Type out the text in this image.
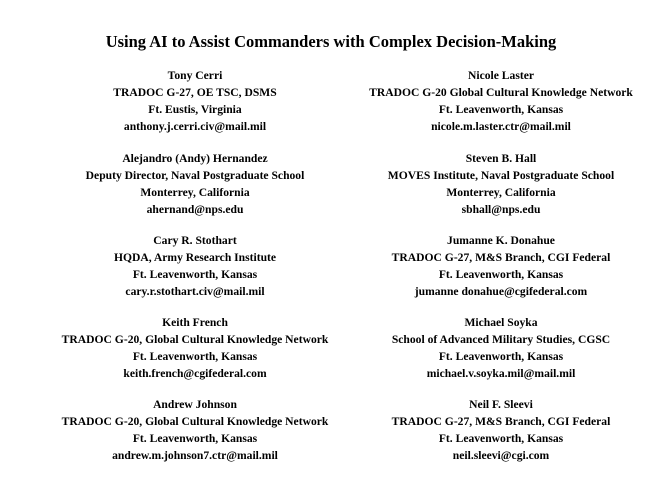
Using AI to Assist Commanders with Complex Decision-Making
Tony Cerri
TRADOC G-27, OE TSC, DSMS
Ft. Eustis, Virginia
anthony.j.cerri.civ@mail.mil
Nicole Laster
TRADOC G-20 Global Cultural Knowledge Network
Ft. Leavenworth, Kansas
nicole.m.laster.ctr@mail.mil
Alejandro (Andy) Hernandez
Deputy Director, Naval Postgraduate School
Monterrey, California
ahernand@nps.edu
Steven B. Hall
MOVES Institute, Naval Postgraduate School
Monterrey, California
sbhall@nps.edu
Cary R. Stothart
HQDA, Army Research Institute
Ft. Leavenworth, Kansas
cary.r.stothart.civ@mail.mil
Jumanne K. Donahue
TRADOC G-27, M&S Branch, CGI Federal
Ft. Leavenworth, Kansas
jumanne donahue@cgifederal.com
Keith French
TRADOC G-20, Global Cultural Knowledge Network
Ft. Leavenworth, Kansas
keith.french@cgifederal.com
Michael Soyka
School of Advanced Military Studies, CGSC
Ft. Leavenworth, Kansas
michael.v.soyka.mil@mail.mil
Andrew Johnson
TRADOC G-20, Global Cultural Knowledge Network
Ft. Leavenworth, Kansas
andrew.m.johnson7.ctr@mail.mil
Neil F. Sleevi
TRADOC G-27, M&S Branch, CGI Federal
Ft. Leavenworth, Kansas
neil.sleevi@cgi.com
